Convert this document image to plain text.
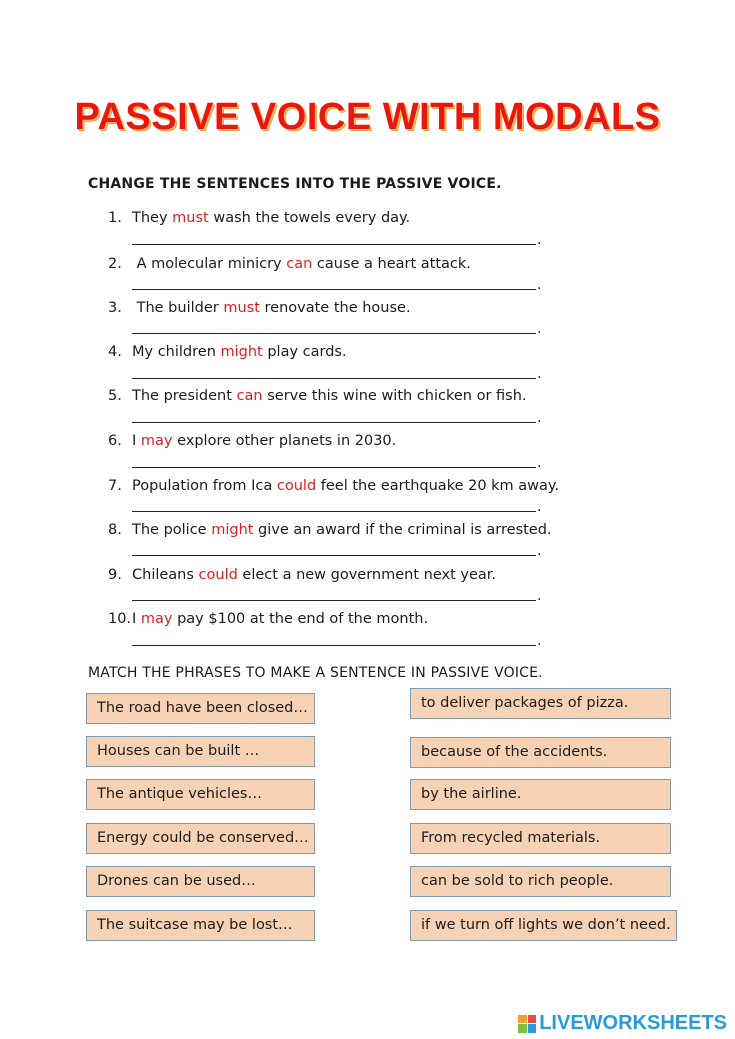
PASSIVE VOICE WITH MODALS
CHANGE THE SENTENCES INTO THE PASSIVE VOICE.
1. They must wash the towels every day.
.
2. A molecular minicry can cause a heart attack.
.
3. The builder must renovate the house.
.
4. My children might play cards.
.
5. The president can serve this wine with chicken or fish.
.
6. I may explore other planets in 2030.
.
7. Population from Ica could feel the earthquake 20 km away.
.
8. The police might give an award if the criminal is arrested.
.
9. Chileans could elect a new government next year.
.
10.I may pay $100 at the end of the month.
.
MATCH THE PHRASES TO MAKE A SENTENCE IN PASSIVE VOICE.
The road have been closed…
Houses can be built …
The antique vehicles…
Energy could be conserved…
Drones can be used…
The suitcase may be lost…
to deliver packages of pizza.
because of the accidents.
by the airline.
From recycled materials.
can be sold to rich people.
if we turn off lights we don’t need.
LIVEWORKSHEETS
